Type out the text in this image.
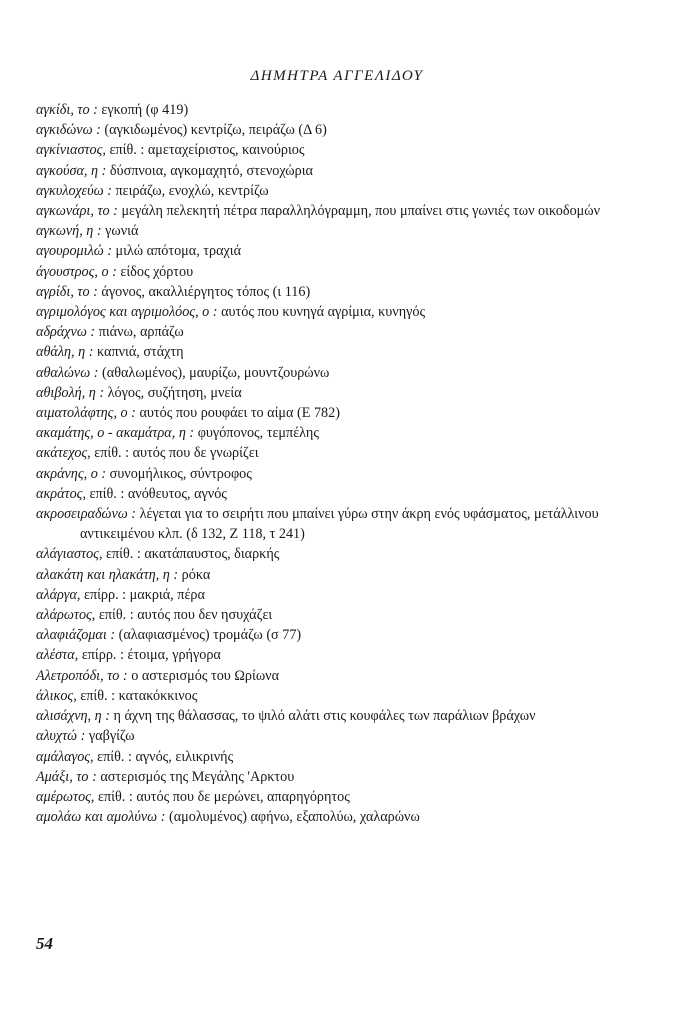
ΔΗΜΗΤΡΑ ΑΓΓΕΛΙΔΟΥ
αγκίδι, το : εγκοπή (φ 419)
αγκιδώνω : (αγκιδωμένος) κεντρίζω, πειράζω (Δ 6)
αγκίνιαστος, επίθ. : αμεταχείριστος, καινούριος
αγκούσα, η : δύσπνοια, αγκομαχητό, στενοχώρια
αγκυλοχεύω : πειράζω, ενοχλώ, κεντρίζω
αγκωνάρι, το : μεγάλη πελεκητή πέτρα παραλληλόγραμμη, που μπαίνει στις γωνιές των οικοδομών
αγκωνή, η : γωνιά
αγουρομιλώ : μιλώ απότομα, τραχιά
άγουστρος, ο : είδος χόρτου
αγρίδι, το : άγονος, ακαλλιέργητος τόπος (ι 116)
αγριμολόγος και αγριμολόος, ο : αυτός που κυνηγά αγρίμια, κυνηγός
αδράχνω : πιάνω, αρπάζω
αθάλη, η : καπνιά, στάχτη
αθαλώνω : (αθαλωμένος), μαυρίζω, μουντζουρώνω
αθιβολή, η : λόγος, συζήτηση, μνεία
αιματολάφτης, ο : αυτός που ρουφάει το αίμα (Ε 782)
ακαμάτης, ο - ακαμάτρα, η : φυγόπονος, τεμπέλης
ακάτεχος, επίθ. : αυτός που δε γνωρίζει
ακράνης, ο : συνομήλικος, σύντροφος
ακράτος, επίθ. : ανόθευτος, αγνός
ακροσειραδώνω : λέγεται για το σειρήτι που μπαίνει γύρω στην άκρη ενός υφάσματος, μετάλλινου αντικειμένου κλπ. (δ 132, Ζ 118, τ 241)
αλάγιαστος, επίθ. : ακατάπαυστος, διαρκής
αλακάτη και ηλακάτη, η : ρόκα
αλάργα, επίρρ. : μακριά, πέρα
αλάρωτος, επίθ. : αυτός που δεν ησυχάζει
αλαφιάζομαι : (αλαφιασμένος) τρομάζω (σ 77)
αλέστα, επίρρ. : έτοιμα, γρήγορα
Αλετροπόδι, το : ο αστερισμός του Ωρίωνα
άλικος, επίθ. : κατακόκκινος
αλισάχνη, η : η άχνη της θάλασσας, το ψιλό αλάτι στις κουφάλες των παράλιων βράχων
αλυχτώ : γαβγίζω
αμάλαγος, επίθ. : αγνός, ειλικρινής
Αμάξι, το : αστερισμός της Μεγάλης 'Αρκτου
αμέρωτος, επίθ. : αυτός που δε μερώνει, απαρηγόρητος
αμολάω και αμολύνω : (αμολυμένος) αφήνω, εξαπολύω, χαλαρώνω
54
